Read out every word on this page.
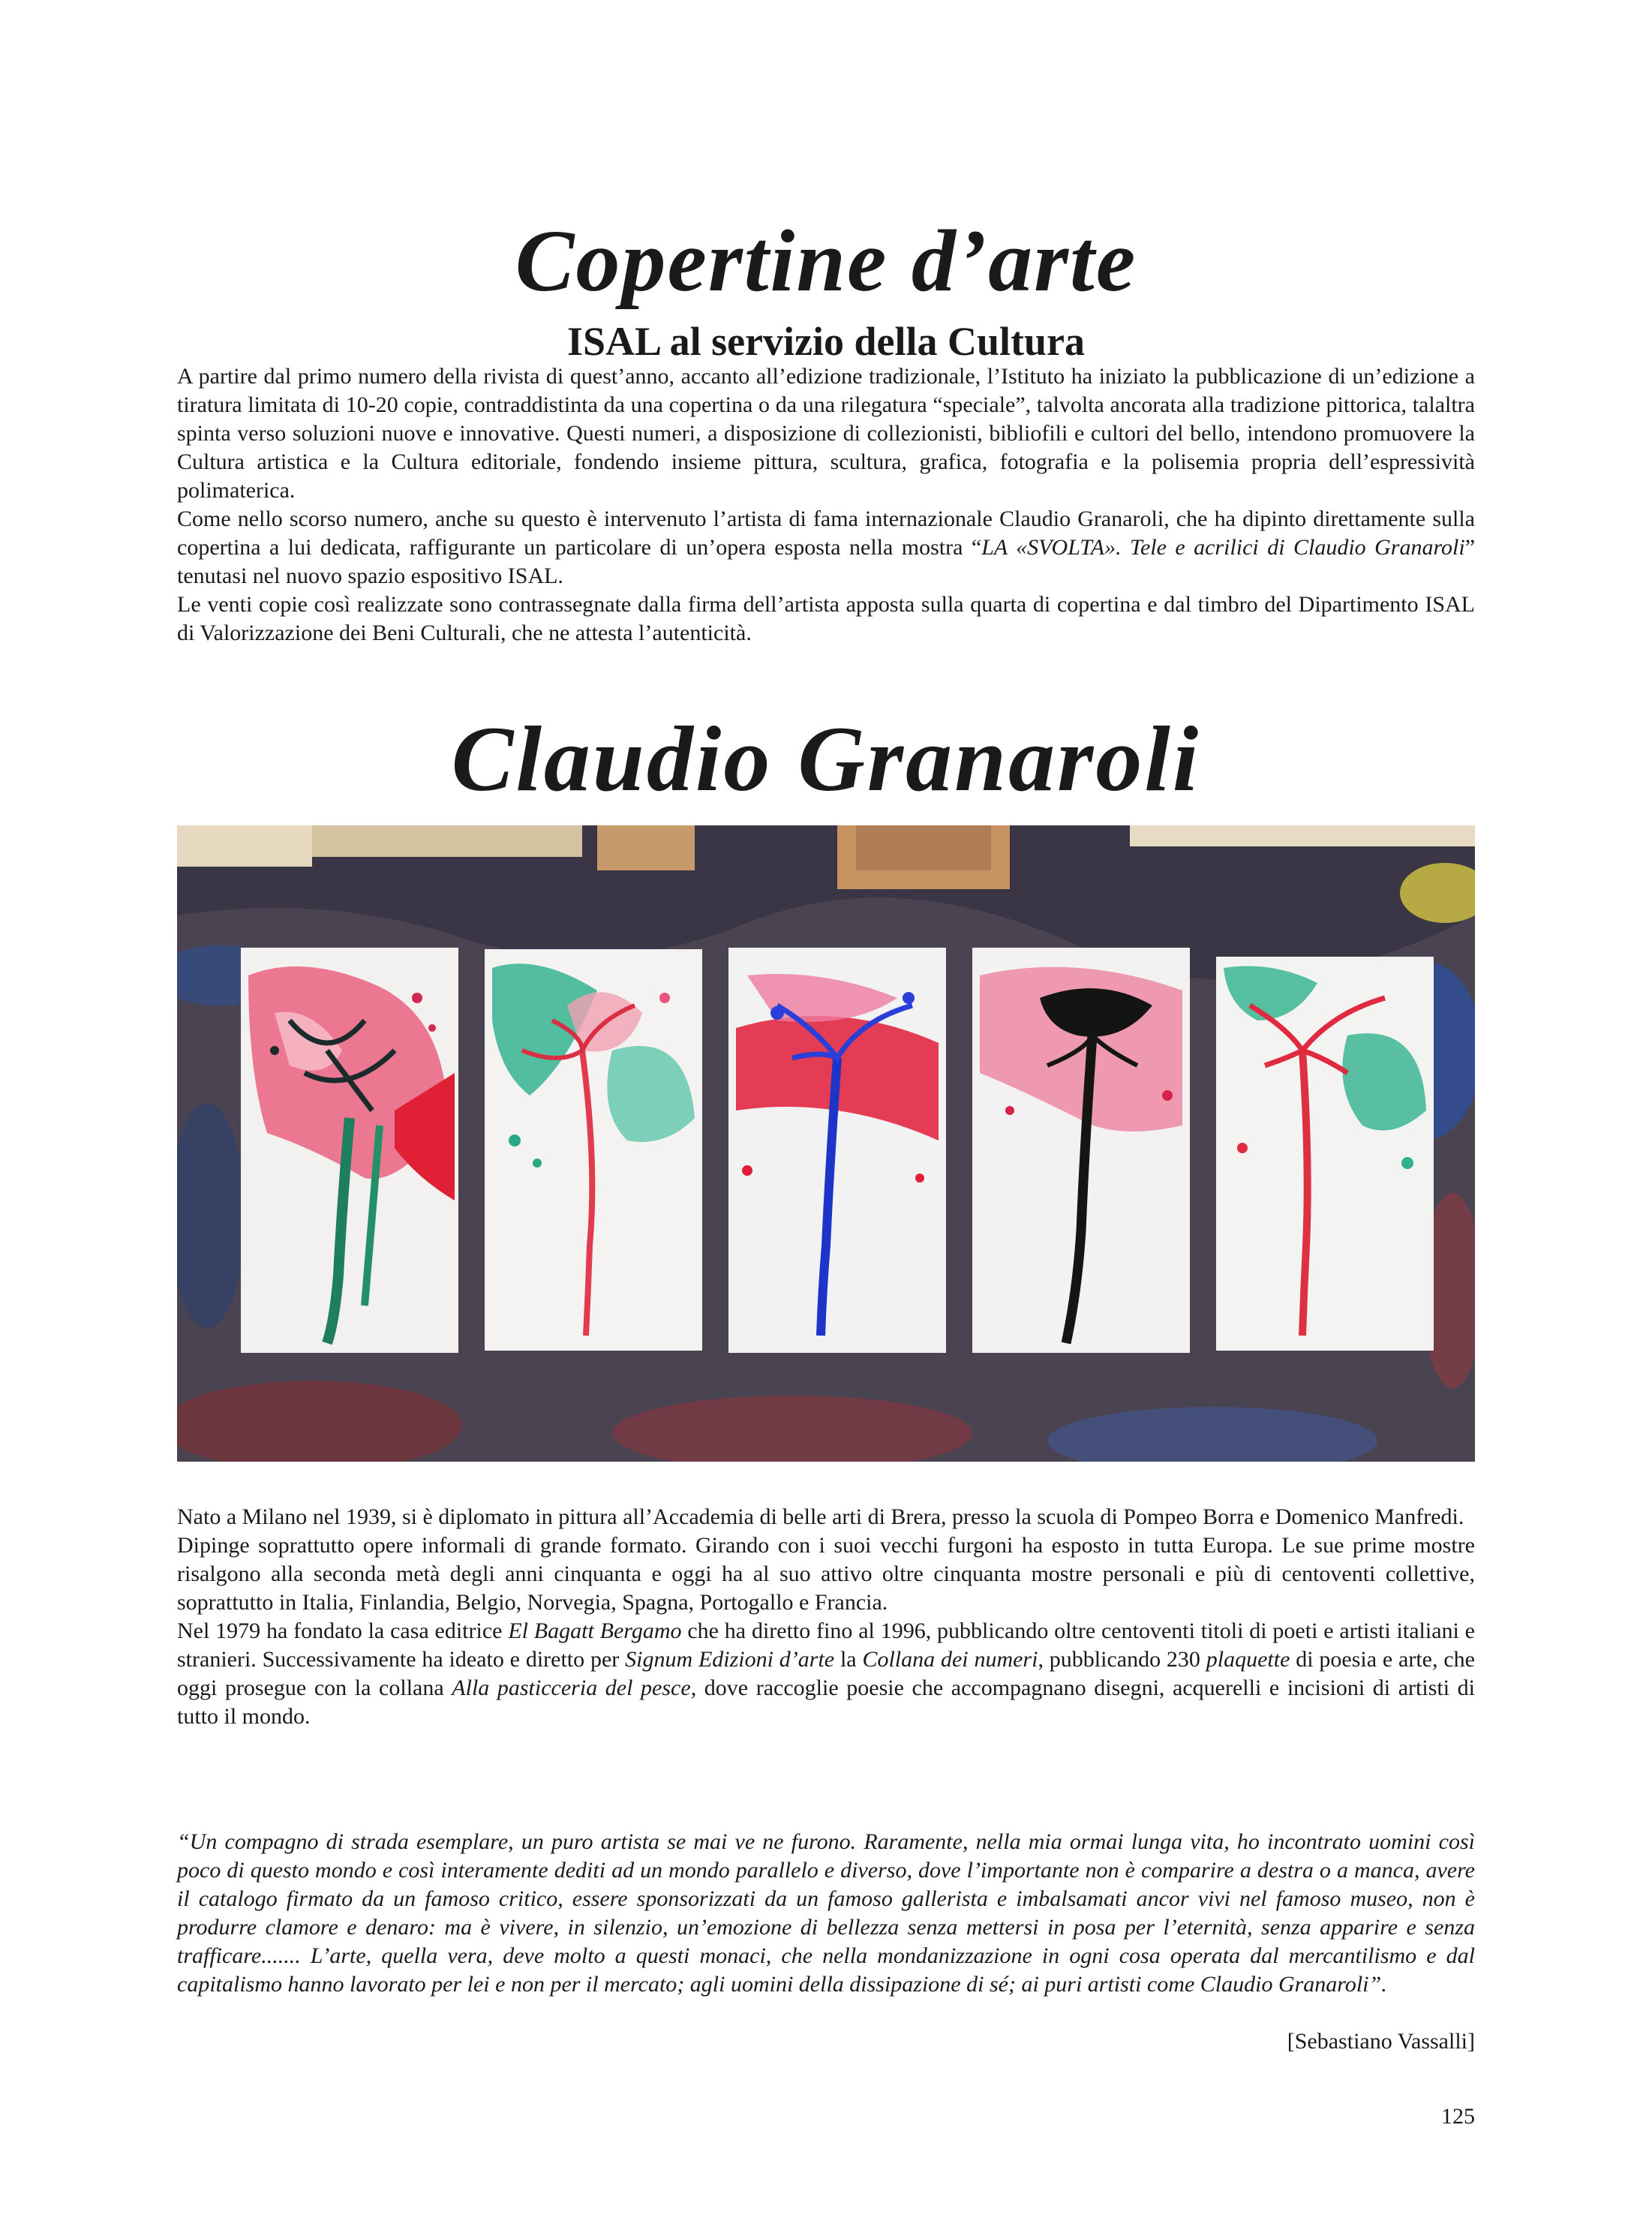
Copertine d’arte
ISAL al servizio della Cultura

A partire dal primo numero della rivista di quest’anno, accanto all’edizione tradizionale, l’Istituto ha iniziato la pubblicazione di un’edizione a tiratura limitata di 10-20 copie, contraddistinta da una copertina o da una rilegatura “speciale”, talvolta ancorata alla tradizione pittorica, talaltra spinta verso soluzioni nuove e innovative. Questi numeri, a disposizione di collezionisti, bibliofili e cultori del bello, intendono promuovere la Cultura artistica e la Cultura editoriale, fondendo insieme pittura, scultura, grafica, fotografia e la polisemia propria dell’espressività polimaterica.

Come nello scorso numero, anche su questo è intervenuto l’artista di fama internazionale Claudio Granaroli, che ha dipinto direttamente sulla copertina a lui dedicata, raffigurante un particolare di un’opera esposta nella mostra “LA «SVOLTA». Tele e acrilici di Claudio Granaroli” tenutasi nel nuovo spazio espositivo ISAL.

Le venti copie così realizzate sono contrassegnate dalla firma dell’artista apposta sulla quarta di copertina e dal timbro del Dipartimento ISAL di Valorizzazione dei Beni Culturali, che ne attesta l’autenticità.

Claudio Granaroli

Nato a Milano nel 1939, si è diplomato in pittura all’Accademia di belle arti di Brera, presso la scuola di Pompeo Borra e Domenico Manfredi.

Dipinge soprattutto opere informali di grande formato. Girando con i suoi vecchi furgoni ha esposto in tutta Europa. Le sue prime mostre risalgono alla seconda metà degli anni cinquanta e oggi ha al suo attivo oltre cinquanta mostre personali e più di centoventi collettive, soprattutto in Italia, Finlandia, Belgio, Norvegia, Spagna, Portogallo e Francia.

Nel 1979 ha fondato la casa editrice El Bagatt Bergamo che ha diretto fino al 1996, pubblicando oltre centoventi titoli di poeti e artisti italiani e stranieri. Successivamente ha ideato e diretto per Signum Edizioni d’arte la Collana dei numeri, pubblicando 230 plaquette di poesia e arte, che oggi prosegue con la collana Alla pasticceria del pesce, dove raccoglie poesie che accompagnano disegni, acquerelli e incisioni di artisti di tutto il mondo.

“Un compagno di strada esemplare, un puro artista se mai ve ne furono. Raramente, nella mia ormai lunga vita, ho incontrato uomini così poco di questo mondo e così interamente dediti ad un mondo parallelo e diverso, dove l’importante non è comparire a destra o a manca, avere il catalogo firmato da un famoso critico, essere sponsorizzati da un famoso gallerista e imbalsamati ancor vivi nel famoso museo, non è produrre clamore e denaro: ma è vivere, in silenzio, un’emozione di bellezza senza mettersi in posa per l’eternità, senza apparire e senza trafficare....... L’arte, quella vera, deve molto a questi monaci, che nella mondanizzazione in ogni cosa operata dal mercantilismo e dal capitalismo hanno lavorato per lei e non per il mercato; agli uomini della dissipazione di sé; ai puri artisti come Claudio Granaroli”.

[Sebastiano Vassalli]
125
